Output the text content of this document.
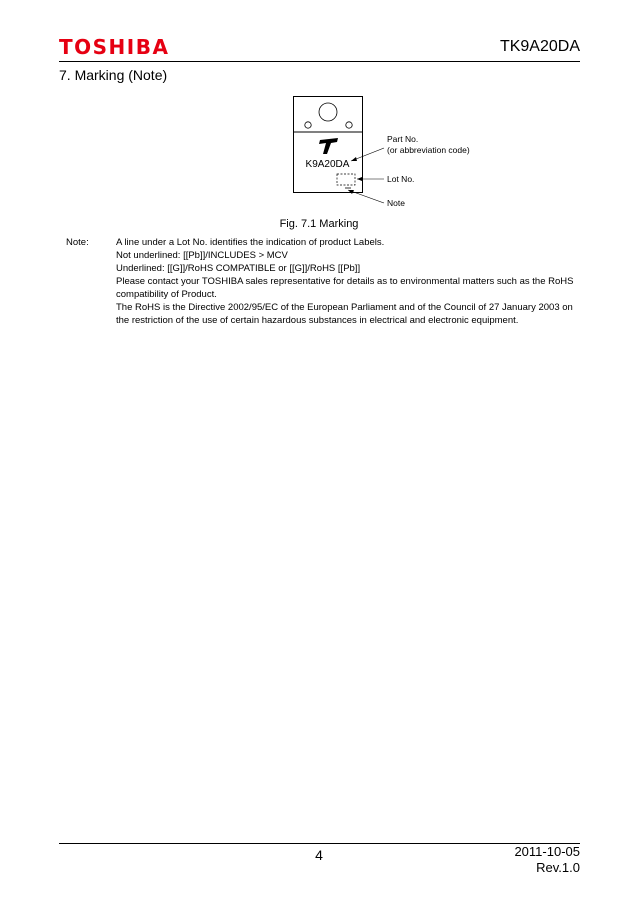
TOSHIBA	TK9A20DA
7. Marking (Note)
K9A20DA
Part No.
(or abbreviation code)
Lot No.
Note
Fig. 7.1 Marking
Note:	A line under a Lot No. identifies the indication of product Labels.
Not underlined: [[Pb]]/INCLUDES > MCV
Underlined: [[G]]/RoHS COMPATIBLE or [[G]]/RoHS [[Pb]]
Please contact your TOSHIBA sales representative for details as to environmental matters such as the RoHS
compatibility of Product.
The RoHS is the Directive 2002/95/EC of the European Parliament and of the Council of 27 January 2003 on
the restriction of the use of certain hazardous substances in electrical and electronic equipment.
4	2011-10-05
Rev.1.0
